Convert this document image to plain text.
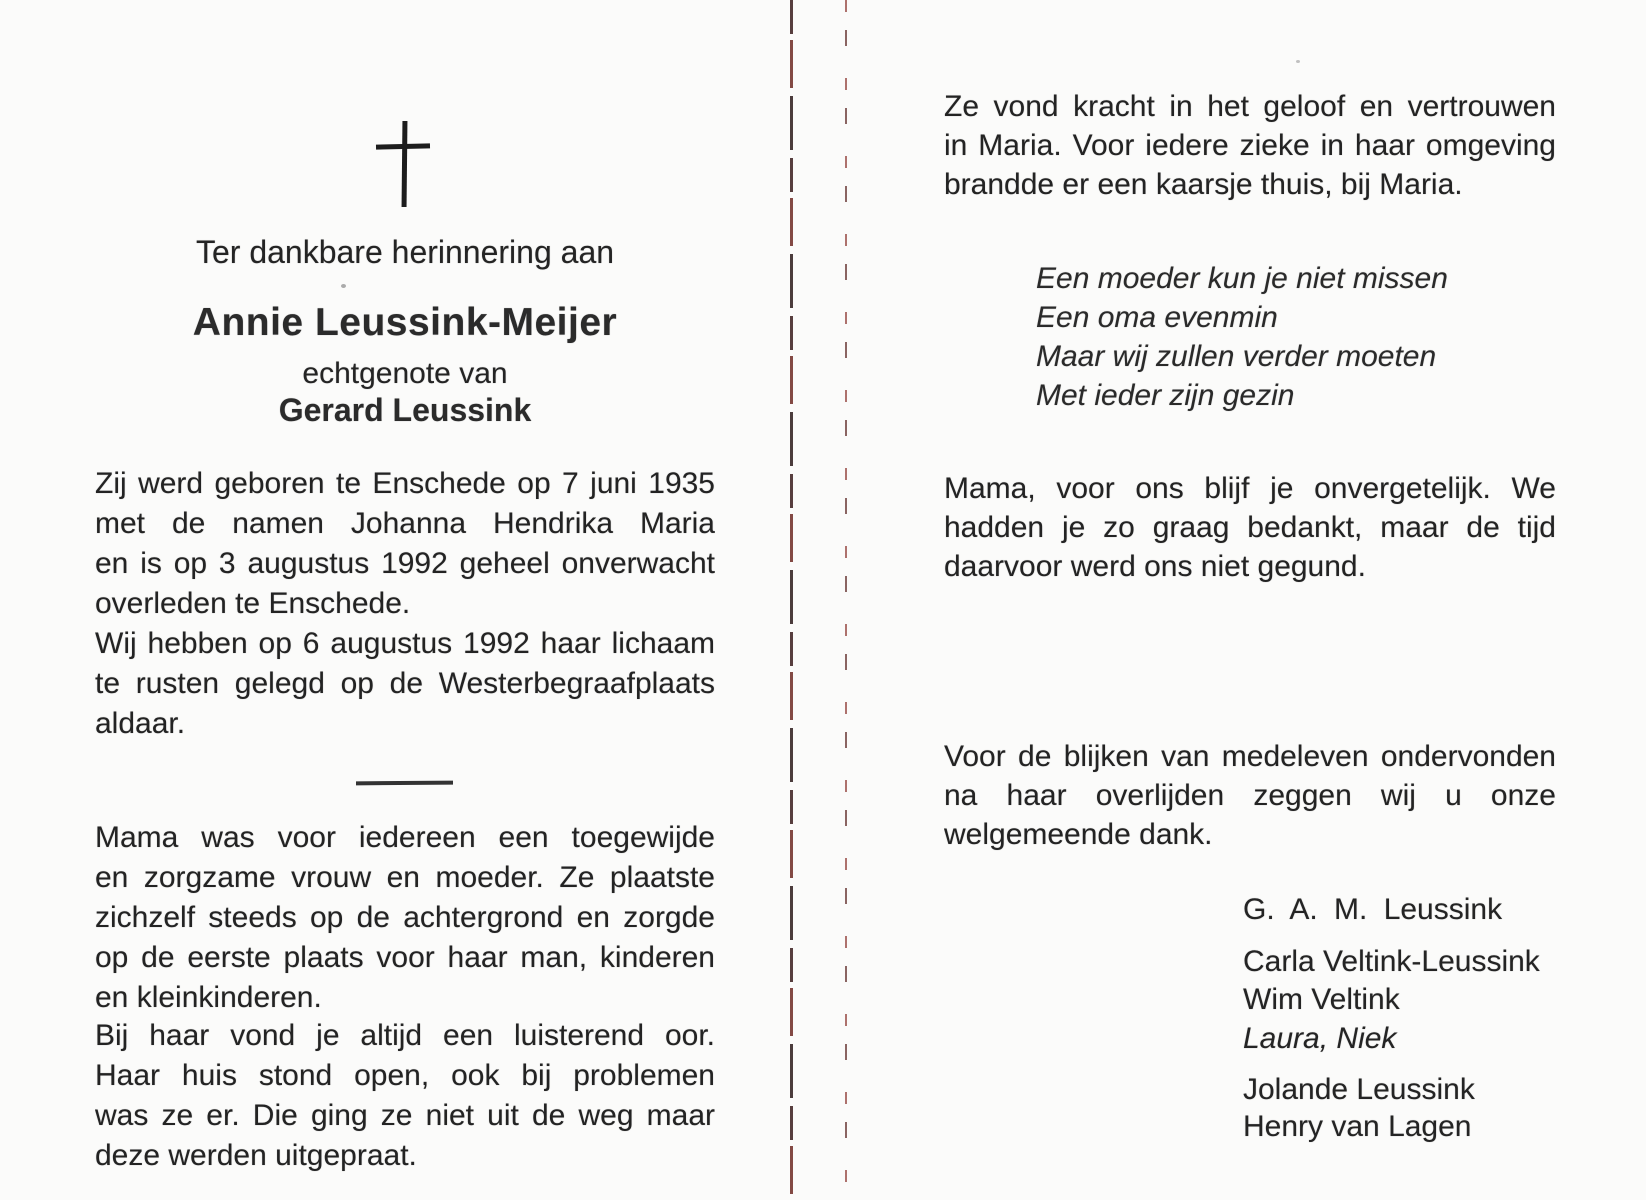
Ter dankbare herinnering aan
Annie Leussink-Meijer
echtgenote van
Gerard Leussink
Zij werd geboren te Enschede op 7 juni 1935
met de namen Johanna Hendrika Maria
en is op 3 augustus 1992 geheel onverwacht
overleden te Enschede.
Wij hebben op 6 augustus 1992 haar lichaam
te rusten gelegd op de Westerbegraafplaats
aldaar.
Mama was voor iedereen een toegewijde
en zorgzame vrouw en moeder. Ze plaatste
zichzelf steeds op de achtergrond en zorgde
op de eerste plaats voor haar man, kinderen
en kleinkinderen.
Bij haar vond je altijd een luisterend oor.
Haar huis stond open, ook bij problemen
was ze er. Die ging ze niet uit de weg maar
deze werden uitgepraat.
Ze vond kracht in het geloof en vertrouwen
in Maria. Voor iedere zieke in haar omgeving
brandde er een kaarsje thuis, bij Maria.
Een moeder kun je niet missen
Een oma evenmin
Maar wij zullen verder moeten
Met ieder zijn gezin
Mama, voor ons blijf je onvergetelijk. We
hadden je zo graag bedankt, maar de tijd
daarvoor werd ons niet gegund.
Voor de blijken van medeleven ondervonden
na haar overlijden zeggen wij u onze
welgemeende dank.
G. A. M. Leussink
Carla Veltink-Leussink
Wim Veltink
Laura, Niek
Jolande Leussink
Henry van Lagen
